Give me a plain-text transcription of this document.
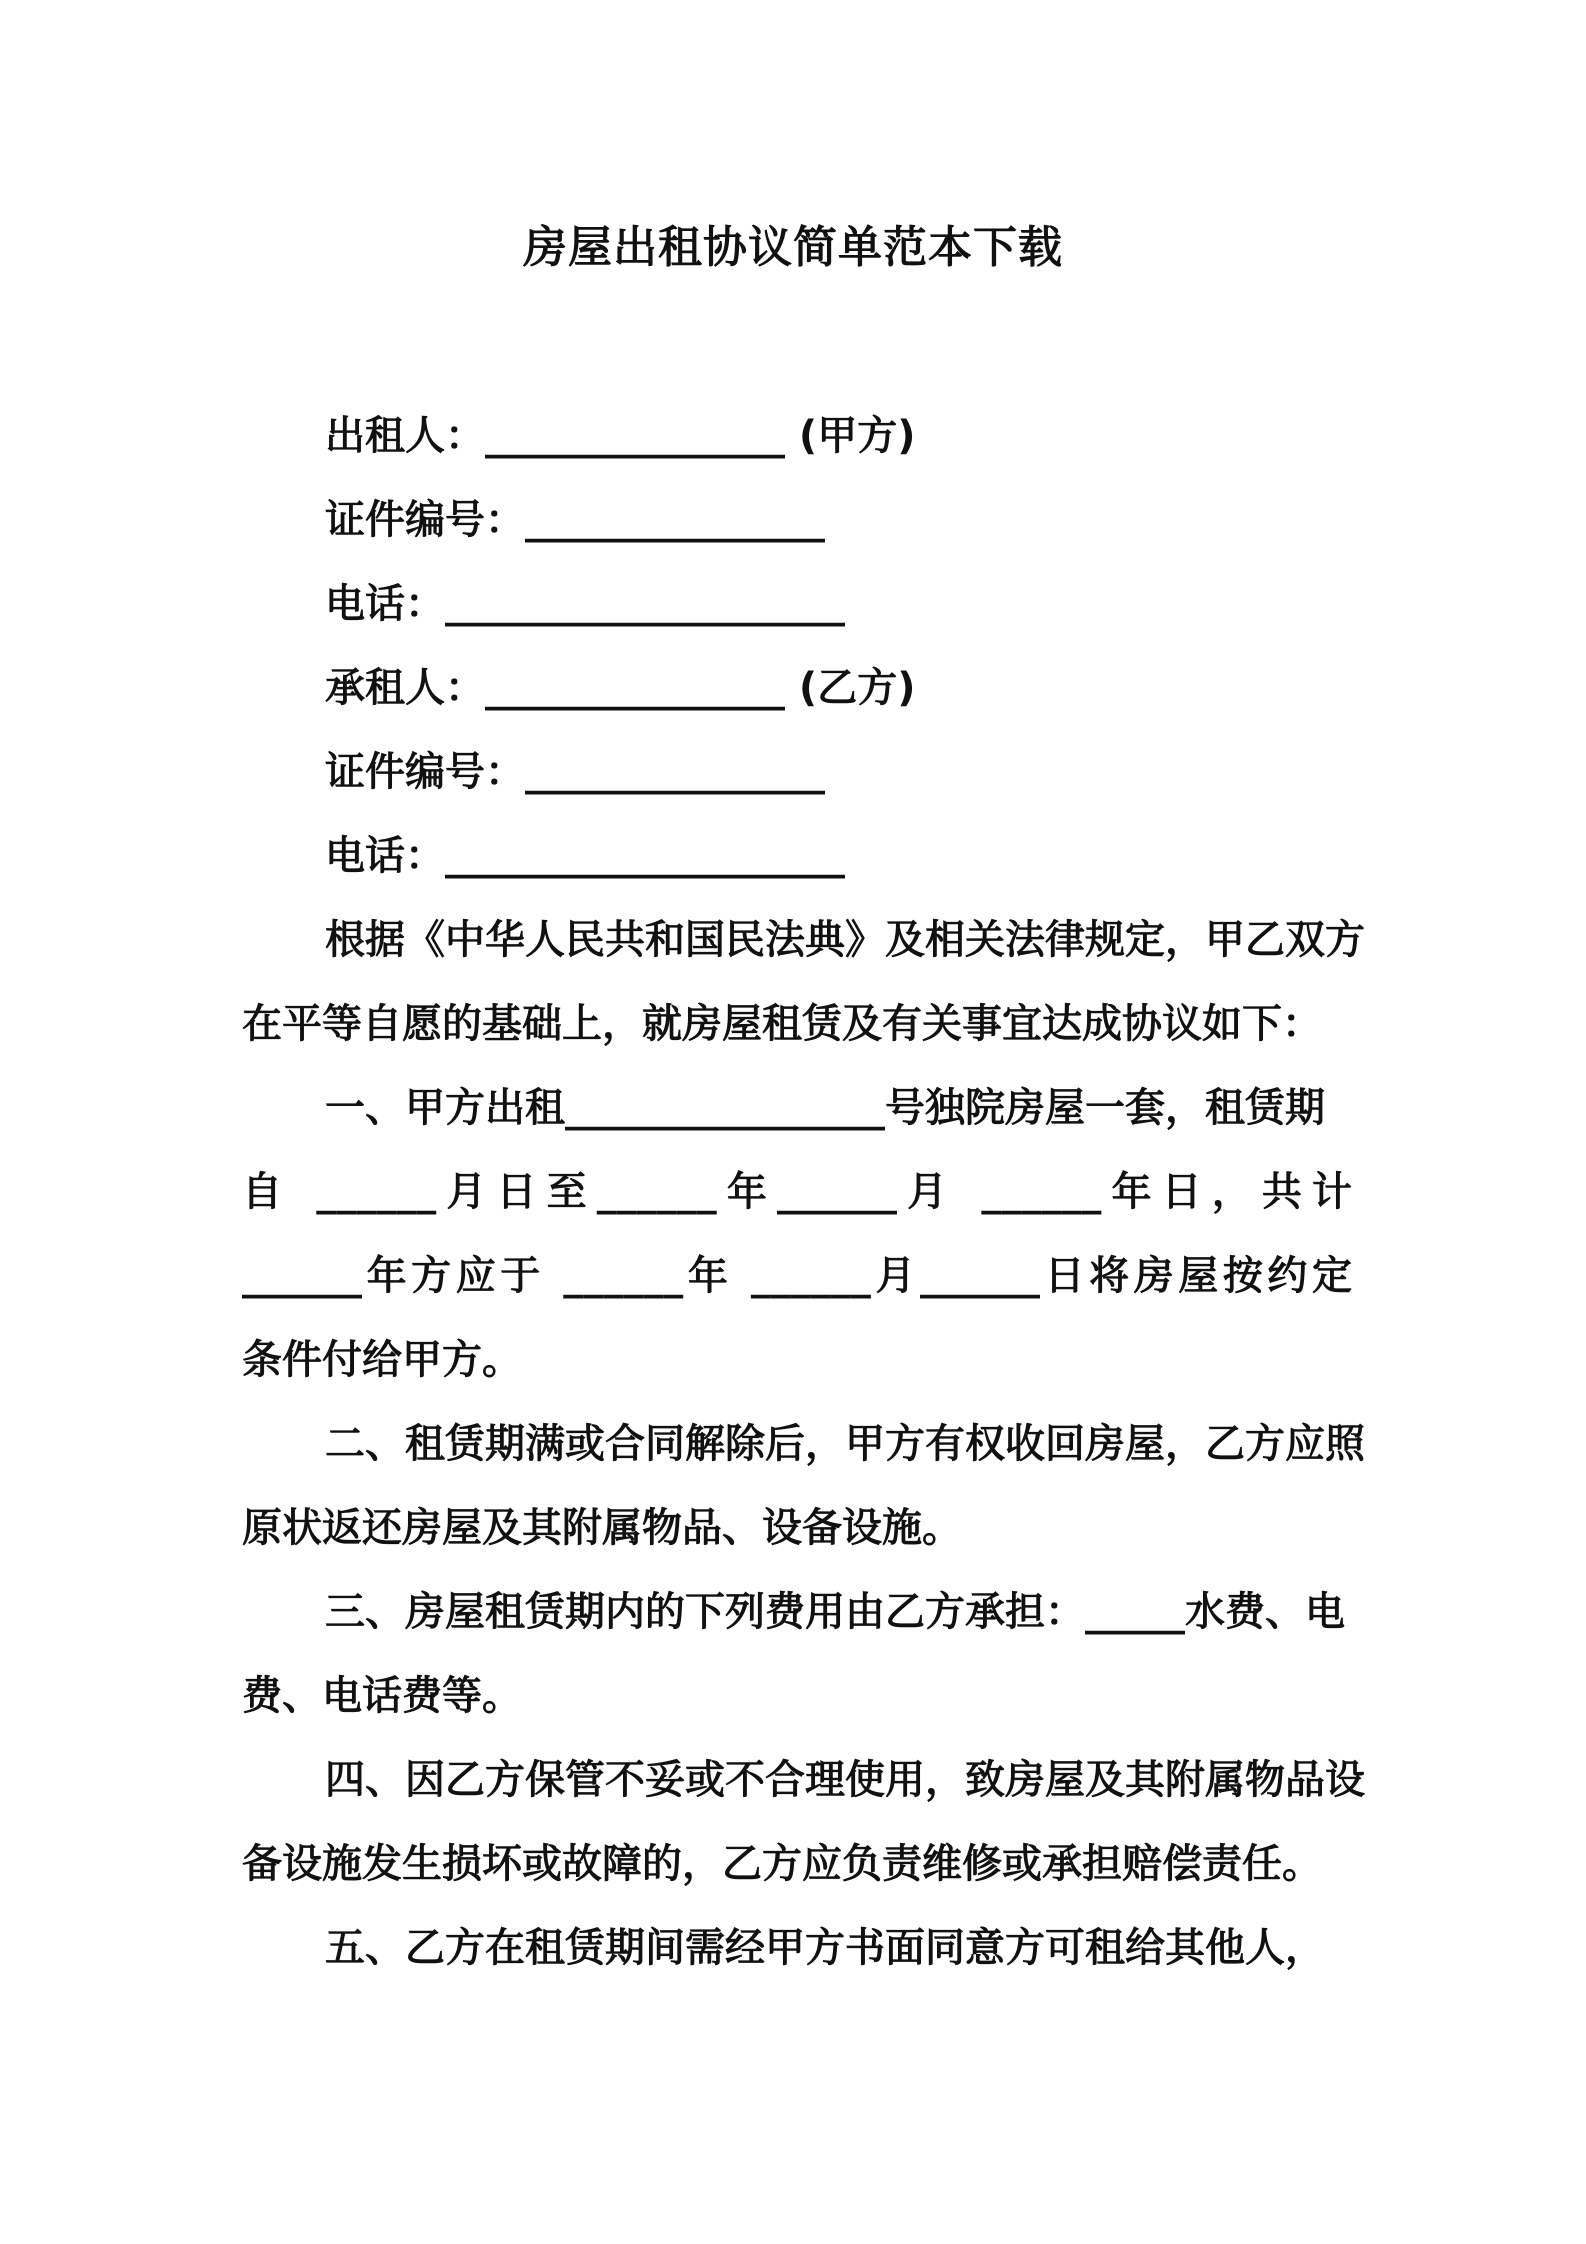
房屋出租协议简单范本下载
出租人：_______________ (甲方)
证件编号：_______________
电话：____________________
承租人：_______________ (乙方)
证件编号：_______________
电话：____________________
根据《中华人民共和国民法典》及相关法律规定，甲乙双方
在平等自愿的基础上，就房屋租赁及有关事宜达成协议如下：
一、甲方出租________________号独院房屋一套，租赁期
自 ______月日至______年______月 ______年日，共计
______年方应于 ______年 ______月______日将房屋按约定
条件付给甲方。
二、租赁期满或合同解除后，甲方有权收回房屋，乙方应照
原状返还房屋及其附属物品、设备设施。
三、房屋租赁期内的下列费用由乙方承担：_____水费、电
费、电话费等。
四、因乙方保管不妥或不合理使用，致房屋及其附属物品设
备设施发生损坏或故障的，乙方应负责维修或承担赔偿责任。
五、乙方在租赁期间需经甲方书面同意方可租给其他人，
